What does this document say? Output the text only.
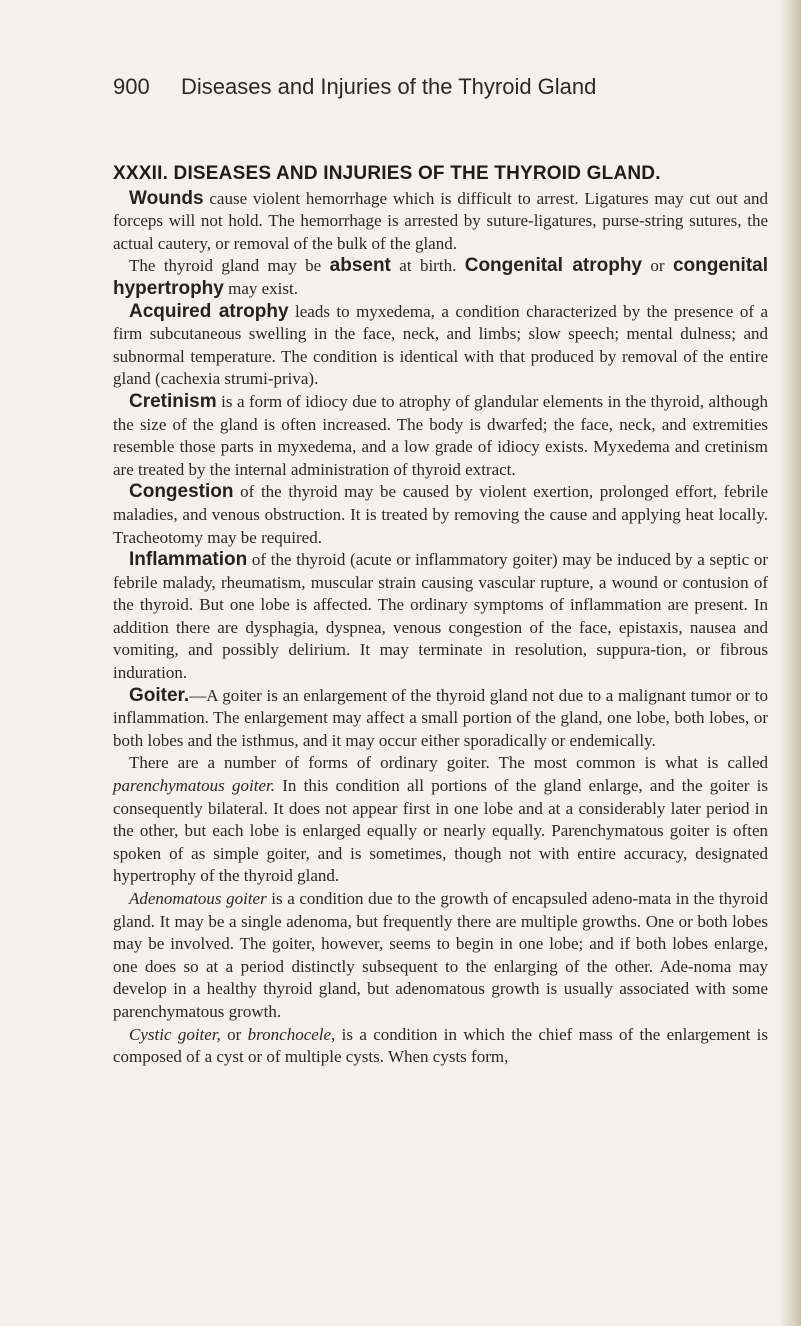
900 Diseases and Injuries of the Thyroid Gland
XXXII. DISEASES AND INJURIES OF THE THYROID GLAND.

Wounds cause violent hemorrhage which is difficult to arrest. Ligatures may cut out and forceps will not hold. The hemorrhage is arrested by suture-ligatures, purse-string sutures, the actual cautery, or removal of the bulk of the gland.

The thyroid gland may be absent at birth. Congenital atrophy or congenital hypertrophy may exist.

Acquired atrophy leads to myxedema, a condition characterized by the presence of a firm subcutaneous swelling in the face, neck, and limbs; slow speech; mental dulness; and subnormal temperature. The condition is identical with that produced by removal of the entire gland (cachexia strumi-priva).

Cretinism is a form of idiocy due to atrophy of glandular elements in the thyroid, although the size of the gland is often increased. The body is dwarfed; the face, neck, and extremities resemble those parts in myxedema, and a low grade of idiocy exists. Myxedema and cretinism are treated by the internal administration of thyroid extract.

Congestion of the thyroid may be caused by violent exertion, prolonged effort, febrile maladies, and venous obstruction. It is treated by removing the cause and applying heat locally. Tracheotomy may be required.

Inflammation of the thyroid (acute or inflammatory goiter) may be induced by a septic or febrile malady, rheumatism, muscular strain causing vascular rupture, a wound or contusion of the thyroid. But one lobe is affected. The ordinary symptoms of inflammation are present. In addition there are dysphagia, dyspnea, venous congestion of the face, epistaxis, nausea and vomiting, and possibly delirium. It may terminate in resolution, suppura-tion, or fibrous induration.

Goiter.—A goiter is an enlargement of the thyroid gland not due to a malignant tumor or to inflammation. The enlargement may affect a small portion of the gland, one lobe, both lobes, or both lobes and the isthmus, and it may occur either sporadically or endemically.

There are a number of forms of ordinary goiter. The most common is what is called parenchymatous goiter. In this condition all portions of the gland enlarge, and the goiter is consequently bilateral. It does not appear first in one lobe and at a considerably later period in the other, but each lobe is enlarged equally or nearly equally. Parenchymatous goiter is often spoken of as simple goiter, and is sometimes, though not with entire accuracy, designated hypertrophy of the thyroid gland.

Adenomatous goiter is a condition due to the growth of encapsuled adeno-mata in the thyroid gland. It may be a single adenoma, but frequently there are multiple growths. One or both lobes may be involved. The goiter, however, seems to begin in one lobe; and if both lobes enlarge, one does so at a period distinctly subsequent to the enlarging of the other. Ade-noma may develop in a healthy thyroid gland, but adenomatous growth is usually associated with some parenchymatous growth.

Cystic goiter, or bronchocele, is a condition in which the chief mass of the enlargement is composed of a cyst or of multiple cysts. When cysts form,
